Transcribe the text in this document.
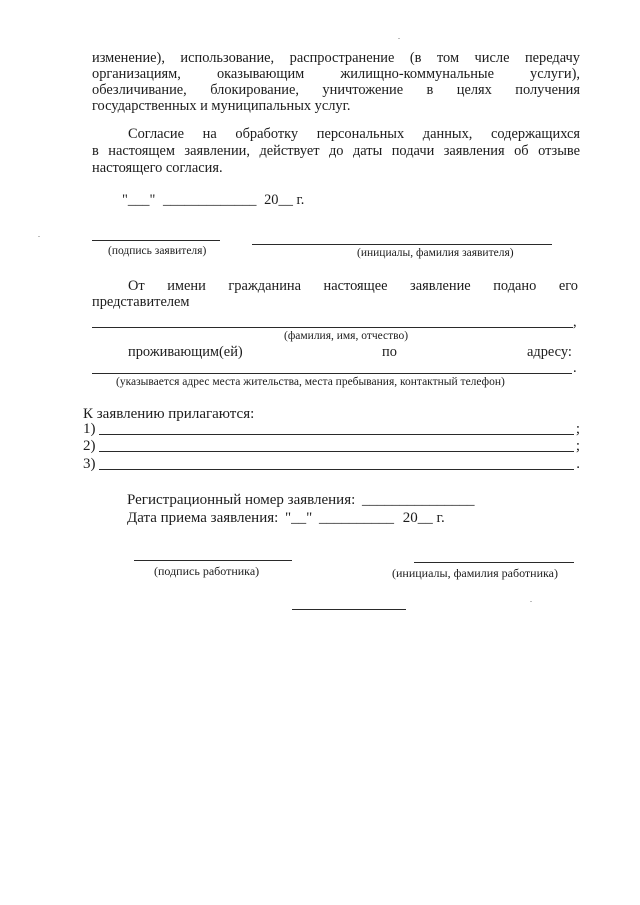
изменение), использование, распространение (в том числе передачу
организациям, оказывающим жилищно-коммунальные услуги),
обезличивание, блокирование, уничтожение в целях получения
государственных и муниципальных услуг.
Согласие на обработку персональных данных, содержащихся
в настоящем заявлении, действует до даты подачи заявления об отзыве
настоящего согласия.
"___" _____________ 20__ г.
(подпись заявителя)	(инициалы, фамилия заявителя)
От имени гражданина настоящее заявление подано его
представителем
,
(фамилия, имя, отчество)
проживающим(ей)	по	адресу:
.
(указывается адрес места жительства, места пребывания, контактный телефон)
К заявлению прилагаются:
1)	;
2)	;
3)	.
Регистрационный номер заявления: _______________
Дата приема заявления: "__" __________ 20__ г.
(подпись работника)	(инициалы, фамилия работника)
